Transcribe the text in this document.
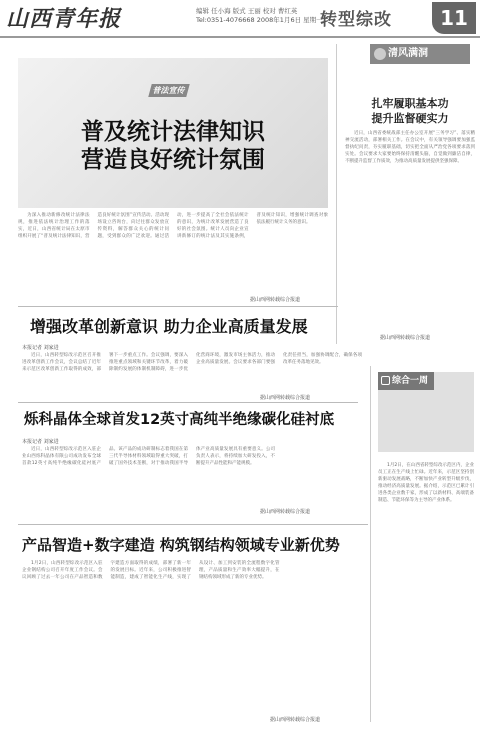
山西青年报	编辑 任小海 版式 王丽 校对 曹红英
Tel:0351-4076668 2008年1月6日 星期一
转型综改	11
普法宣传
普及统计法律知识
营造良好统计氛围

为深入推动新修改统计法律法规，推进依法统计治理工作的落实，近日，山西省统计局在太原市组织开展了“普及统计法律知识，营造良好统计氛围”宣传活动。活动现场设立咨询台，向过往群众发放宣传资料，解答群众关心的统计问题，受到群众的广泛欢迎。通过活动，进一步提高了全社会依法统计的意识，为统计改革发展营造了良好的社会氛围。统计人员向企业宣讲新修订的统计法及其实施条例，普及统计知识，增强统计调查对象依法履行统计义务的意识。

据山西网转载综合报道
清风满洞
扎牢履职基本功
提升监督硬实力

近日，山西省委统战部主任办公室开展“三务学习”、落实精神交流活动，部署相关工作。在会议中，有关领导强调要加强监督执纪问责，夯实履职基础，切实把全面从严治党各项要求落到实处。会议要求大家要始终保持清醒头脑，自觉做到廉洁自律，不断提升监督工作质效，为推动高质量发展提供坚强保障。

据山西网转载综合报道
增强改革创新意识 助力企业高质量发展
本报记者 刘家进

近日，山西转型综改示范区召开推进改革创新工作会议，会议总结了近年来示范区改革创新工作取得的成效，部署下一步重点工作。会议强调，要深入推进重点领域和关键环节改革，着力破除制约发展的体制机制障碍，进一步优化营商环境，激发市场主体活力，推动企业高质量发展。会议要求各部门要强化责任担当，加强协调配合，确保各项改革任务落地见效。

据山西网转载综合报道
烁科晶体全球首发12英寸高纯半绝缘碳化硅衬底
本报记者 刘家进

近日，山西转型综改示范区入驻企业山西烁科晶体有限公司成功发布全球首款12英寸高纯半绝缘碳化硅衬底产品。该产品的成功研制标志着我国在第三代半导体材料领域取得重大突破，打破了国外技术垄断，对于推动我国半导体产业高质量发展具有重要意义。公司负责人表示，将持续加大研发投入，不断提升产品性能和产能规模。

据山西网转载综合报道
综合一周

1月2日，在山西省转型综改示范区内，企业员工正在生产线上忙碌。近年来，示范区坚持创新驱动发展战略，不断加快产业转型升级步伐，推动经济高质量发展。据介绍，示范区已累计引进各类企业数千家，形成了以新材料、高端装备制造、节能环保等为主导的产业体系。

产品智造+数字建造 构筑钢结构领域专业新优势

1月2日，山西转型综改示范区入驻企业钢结构公司召开年度工作会议。会议回顾了过去一年公司在产品智造和数字建造方面取得的成绩，部署了新一年的发展目标。近年来，公司积极推进智能制造，建成了智能化生产线，实现了从设计、加工到安装的全流程数字化管理，产品质量和生产效率大幅提升，在钢结构领域形成了新的专业优势。

据山西网转载综合报道
